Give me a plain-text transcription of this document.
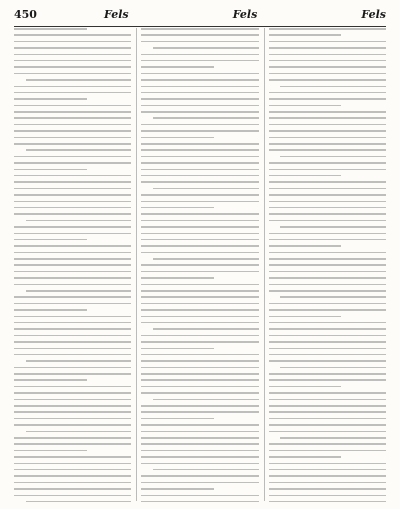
450	Fels	Fels	Fels
